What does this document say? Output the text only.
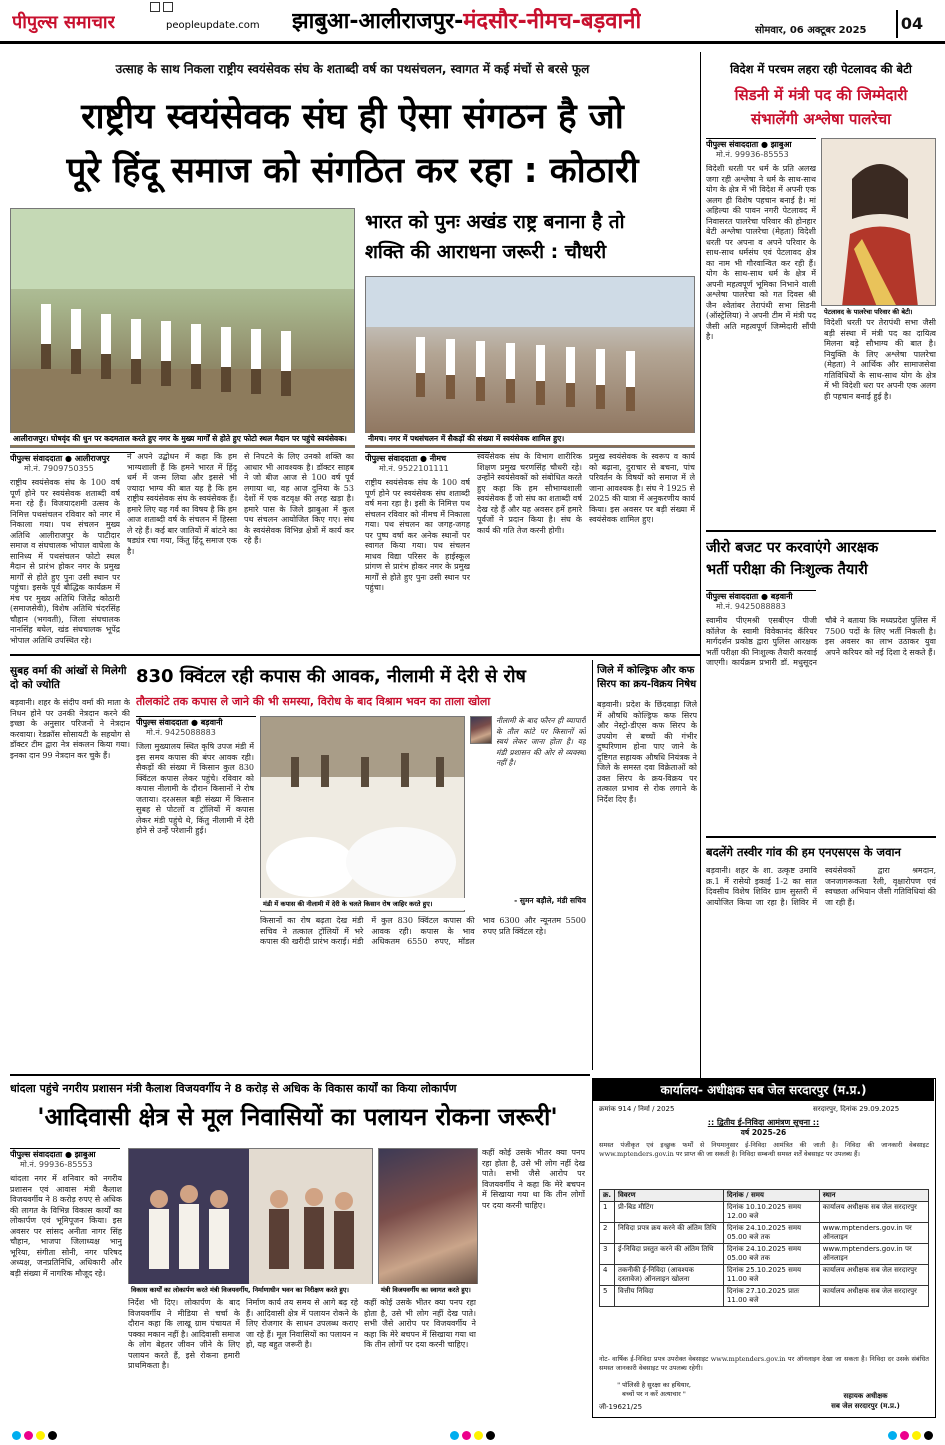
पीपुल्स समाचार	peopleupdate.com झाबुआ-आलीराजपुर-मंदसौर-नीमच-बड़वानी	सोमवार, 06 अक्टूबर 2025	04
उत्साह के साथ निकला राष्ट्रीय स्वयंसेवक संघ के शताब्दी वर्ष का पथसंचलन, स्वागत में कई मंचों से बरसे फूल
राष्ट्रीय स्वयंसेवक संघ ही ऐसा संगठन है जो
पूरे हिंदू समाज को संगठित कर रहा : कोठारी
आलीराजपुर। घोषवृंद की धुन पर कदमताल करते हुए नगर के मुख्य मार्गों से होते हुए फोटो स्थल मैदान पर पहुंचे स्वयंसेवक।
भारत को पुनः अखंड राष्ट्र बनाना है तो
शक्ति की आराधना जरूरी : चौधरी
नीमच। नगर में पथसंचलन में सैकड़ों की संख्या में स्वयंसेवक शामिल हुए।
पीपुल्स संवाददाता ● आलीराजपुर
मो.नं. 7909750355
पीपुल्स संवाददाता ● नीमच
मो.नं. 9522101111
राष्ट्रीय स्वयंसेवक संघ के 100 वर्ष पूर्ण होने पर स्वयंसेवक शताब्दी वर्ष मना रहे हैं। विजयादशमी उत्सव के निमित्त पथसंचलन रविवार को नगर में निकाला गया। पथ संचलन मुख्य अतिथि आलीराजपुर के पाटीदार समाज व संघचालक भोपाल वाघेला के सानिध्य में पथसंचलन फोटो स्थल मैदान से प्रारंभ होकर नगर के प्रमुख मार्गों से होते हुए पुनः उसी स्थान पर पहुंचा। इसके पूर्व बौद्धिक कार्यक्रम में मंच पर मुख्य अतिथि जितेंद्र कोठारी (समाजसेवी), विशेष अतिथि चंदरसिंह चौहान (भगवती), जिला संघचालक नानसिंह बघेल, खंड संघचालक भूपेंद्र भोपाल अतिथि उपस्थित रहे।
ने अपने उद्बोधन में कहा कि हम भाग्यशाली हैं कि हमने भारत में हिंदू धर्म में जन्म लिया और इससे भी ज्यादा भाग्य की बात यह है कि हम राष्ट्रीय स्वयंसेवक संघ के स्वयंसेवक हैं। हमारे लिए यह गर्व का विषय है कि हम आज शताब्दी वर्ष के संचलन में हिस्सा ले रहे हैं। कई बार जातियों में बांटने का षड्यंत्र रचा गया, किंतु हिंदू समाज एक है।
से निपटने के लिए उनको शक्ति का आधार भी आवश्यक है। डॉक्टर साहब ने जो बीज आज से 100 वर्ष पूर्व लगाया था, वह आज दुनिया के 53 देशों में एक वटवृक्ष की तरह खड़ा है। हमारे पास के जिले झाबुआ में कुल पथ संचलन आयोजित किए गए। संघ के स्वयंसेवक विभिन्न क्षेत्रों में कार्य कर रहे हैं।
राष्ट्रीय स्वयंसेवक संघ के 100 वर्ष पूर्ण होने पर स्वयंसेवक संघ शताब्दी वर्ष मना रहा है। इसी के निमित्त पथ संचलन रविवार को नीमच में निकाला गया। पथ संचलन का जगह-जगह पर पुष्प वर्षा कर अनेक स्थानों पर स्वागत किया गया। पथ संचलन माधव विद्या परिसर के हाईस्कूल प्रांगण से प्रारंभ होकर नगर के प्रमुख मार्गों से होते हुए पुनः उसी स्थान पर पहुंचा।
स्वयंसेवक संघ के विभाग शारीरिक शिक्षण प्रमुख चरणसिंह चौधरी रहे। उन्होंने स्वयंसेवकों को संबोधित करते हुए कहा कि हम सौभाग्यशाली स्वयंसेवक हैं जो संघ का शताब्दी वर्ष देख रहे हैं और यह अवसर हमें हमारे पूर्वजों ने प्रदान किया है। संघ के कार्य की गति तेज करनी होगी।
प्रमुख स्वयंसेवक के स्वरूप व कार्य को बढ़ाना, दुराचार से बचना, पांच परिवर्तन के विषयों को समाज में ले जाना आवश्यक है। संघ ने 1925 से 2025 की यात्रा में अनुकरणीय कार्य किया। इस अवसर पर बड़ी संख्या में स्वयंसेवक शामिल हुए।
विदेश में परचम लहरा रही पेटलावद की बेटी
सिडनी में मंत्री पद की जिम्मेदारी
संभालेंगी अश्लेषा पालरेचा
पीपुल्स संवाददाता ● झाबुआ
मो.नं. 99936-85553
पेटलावद के पालरेचा परिवार की बेटी।
विदेशी धरती पर धर्म के प्रति अलख जगा रही अश्लेषा ने धर्म के साथ-साथ योग के क्षेत्र में भी विदेश में अपनी एक अलग ही विशेष पहचान बनाई है। मां अहिल्या की पावन नगरी पेटलावद में निवासरत पालरेचा परिवार की होनहार बेटी अश्लेषा पालरेचा (मेहता) विदेशी धरती पर अपना व अपने परिवार के साथ-साथ धर्मसंघ एवं पेटलावद क्षेत्र का नाम भी गौरवान्वित कर रही हैं। योग के साथ-साथ धर्म के क्षेत्र में अपनी महत्वपूर्ण भूमिका निभाने वाली अश्लेषा पालरेचा को गत दिवस श्री जैन श्वेतांबर तेरापंथी सभा सिडनी (ऑस्ट्रेलिया) ने अपनी टीम में मंत्री पद जैसी अति महत्वपूर्ण जिम्मेदारी सौंपी है।
विदेशी धरती पर तेरापंथी सभा जैसी बड़ी संस्था में मंत्री पद का दायित्व मिलना बड़े सौभाग्य की बात है। नियुक्ति के लिए अश्लेषा पालरेचा (मेहता) ने आर्थिक और सामाजसेवा गतिविधियों के साथ-साथ योग के क्षेत्र में भी विदेशी धरा पर अपनी एक अलग ही पहचान बनाई हुई है।
जीरो बजट पर करवाएंगे आरक्षक
भर्ती परीक्षा की निःशुल्क तैयारी
पीपुल्स संवाददाता ● बड़वानी
मो.नं. 9425088883
स्वामीय पीएमश्री एसबीएन पीजी कॉलेज के स्वामी विवेकानंद कॅरियर मार्गदर्शन प्रकोष्ठ द्वारा पुलिस आरक्षक भर्ती परीक्षा की निःशुल्क तैयारी करवाई जाएगी। कार्यक्रम प्रभारी डॉ. मधुसूदन चौबे ने बताया कि मध्यप्रदेश पुलिस में 7500 पदों के लिए भर्ती निकली है। इस अवसर का लाभ उठाकर युवा अपने करियर को नई दिशा दे सकते हैं।
सुबह वर्मा की आंखों से मिलेगी दो को ज्योति
बड़वानी। शहर के संदीप वर्मा की माता के निधन होने पर उनकी नेत्रदान करने की इच्छा के अनुसार परिजनों ने नेत्रदान करवाया। रेडक्रॉस सोसायटी के सहयोग से डॉक्टर टीम द्वारा नेत्र संकलन किया गया। इनका दान 99 नेत्रदान कर चुके हैं।
830 क्विंटल रही कपास की आवक, नीलामी में देरी से रोष
तौलकांटे तक कपास ले जाने की भी समस्या, विरोध के बाद विश्राम भवन का ताला खोला
पीपुल्स संवाददाता ● बड़वानी
मो.नं. 9425088883
मंडी में कपास की नीलामी में देरी के चलते किसान रोष जाहिर करते हुए।
नीलामी के बाद फौरन ही व्यापारी के तौल कांटे पर किसानों को स्वयं लेकर जाना होता है। यह मंडी प्रशासन की ओर से व्यवस्था नहीं है।
- सुमन बड़ौले, मंडी सचिव
जिला मुख्यालय स्थित कृषि उपज मंडी में इस समय कपास की बंपर आवक रही। सैकड़ों की संख्या में किसान कुल 830 क्विंटल कपास लेकर पहुंचे। रविवार को कपास नीलामी के दौरान किसानों ने रोष जताया। दरअसल बड़ी संख्या में किसान सुबह से पोटलों व ट्रॉलियों में कपास लेकर मंडी पहुंचे थे, किंतु नीलामी में देरी होने से उन्हें परेशानी हुई।
किसानों का रोष बढ़ता देख मंडी सचिव ने तत्काल ट्रॉलियों में भरे कपास की खरीदी प्रारंभ कराई। मंडी में कुल 830 क्विंटल कपास की आवक रही। कपास के भाव अधिकतम 6550 रुपए, मॉडल भाव 6300 और न्यूनतम 5500 रुपए प्रति क्विंटल रहे।
जिले में कोल्ड्रिफ और कफ
सिरप का क्रय-विक्रय निषेध
बड़वानी। प्रदेश के छिंदवाड़ा जिले में औषधि कोल्ड्रिफ कफ सिरप और नेस्ट्रो-डीएस कफ सिरप के उपयोग से बच्चों की गंभीर दुष्परिणाम होना पाए जाने के दृष्टिगत सहायक औषधि नियंत्रक ने जिले के समस्त दवा विक्रेताओं को उक्त सिरप के क्रय-विक्रय पर तत्काल प्रभाव से रोक लगाने के निर्देश दिए हैं।
बदलेंगे तस्वीर गांव की हम एनएसएस के जवान
बड़वानी। शहर के शा. उत्कृष्ट उमावि क्र.1 में रासेयो इकाई 1-2 का सात दिवसीय विशेष शिविर ग्राम सुस्तरी में आयोजित किया जा रहा है। शिविर में स्वयंसेवकों द्वारा श्रमदान, जनजागरूकता रैली, वृक्षारोपण एवं स्वच्छता अभियान जैसी गतिविधियां की जा रही हैं।
धांदला पहुंचे नगरीय प्रशासन मंत्री कैलाश विजयवर्गीय ने 8 करोड़ से अधिक के विकास कार्यों का किया लोकार्पण
'आदिवासी क्षेत्र से मूल निवासियों का पलायन रोकना जरूरी'
पीपुल्स संवाददाता ● झाबुआ
मो.नं. 99936-85553
विकास कार्यों का लोकार्पण करते मंत्री विजयवर्गीय, निर्माणाधीन भवन का निरीक्षण करते हुए।	मंत्री विजयवर्गीय का स्वागत करते हुए।
थांदला नगर में शनिवार को नगरीय प्रशासन एवं आवास मंत्री कैलाश विजयवर्गीय ने 8 करोड़ रुपए से अधिक की लागत के विभिन्न विकास कार्यों का लोकार्पण एवं भूमिपूजन किया। इस अवसर पर सांसद अनीता नागर सिंह चौहान, भाजपा जिलाध्यक्ष भानु भूरिया, संगीता सोनी, नगर परिषद अध्यक्ष, जनप्रतिनिधि, अधिकारी और बड़ी संख्या में नागरिक मौजूद रहे।
निर्देश भी दिए। लोकार्पण के बाद विजयवर्गीय ने मीडिया से चर्चा के दौरान कहा कि लाखू ग्राम पंचायत में पक्का मकान नहीं है। आदिवासी समाज के लोग बेहतर जीवन जीने के लिए पलायन करते हैं, इसे रोकना हमारी प्राथमिकता है।
निर्माण कार्य तय समय से आगे बढ़ रहे हैं। आदिवासी क्षेत्र में पलायन रोकने के लिए रोजगार के साधन उपलब्ध कराए जा रहे हैं। मूल निवासियों का पलायन न हो, यह बहुत जरूरी है।
कहीं कोई उसके भीतर क्या पनप रहा होता है, उसे भी लोग नहीं देख पाते। सभी जैसे आरोप पर विजयवर्गीय ने कहा कि मेरे बचपन में सिखाया गया था कि तीन लोगों पर दया करनी चाहिए।
कहीं कोई उसके भीतर क्या पनप रहा होता है, उसे भी लोग नहीं देख पाते। सभी जैसे आरोप पर विजयवर्गीय ने कहा कि मेरे बचपन में सिखाया गया था कि तीन लोगों पर दया करनी चाहिए।
कार्यालय- अधीक्षक सब जेल सरदारपुर (म.प्र.)
क्रमांक 914 / निर्मा / 2025	सरदारपुर, दिनांक 29.09.2025
:: द्वितीय ई-निविदा आमंत्रण सूचना ::
वर्ष 2025-26
समस्त पंजीकृत एवं इच्छुक फर्मों से नियमानुसार ई-निविदा आमंत्रित की जाती है। निविदा की जानकारी वेबसाइट www.mptenders.gov.in पर प्राप्त की जा सकती है। निविदा सम्बन्धी समस्त शर्तें वेबसाइट पर उपलब्ध हैं।
क्र.	विवरण	दिनांक / समय	स्थान
1	प्री-बिड मीटिंग	दिनांक 10.10.2025 समय 12.00 बजे	कार्यालय अधीक्षक सब जेल सरदारपुर
2	निविदा प्रपत्र क्रय करने की अंतिम तिथि	दिनांक 24.10.2025 समय 05.00 बजे तक	www.mptenders.gov.in पर ऑनलाइन
3	ई-निविदा प्रस्तुत करने की अंतिम तिथि	दिनांक 24.10.2025 समय 05.00 बजे तक	www.mptenders.gov.in पर ऑनलाइन
4	तकनीकी ई-निविदा (आवश्यक दस्तावेज) ऑनलाइन खोलना	दिनांक 25.10.2025 समय 11.00 बजे	कार्यालय अधीक्षक सब जेल सरदारपुर
5	वित्तीय निविदा	दिनांक 27.10.2025 प्रातः 11.00 बजे	कार्यालय अधीक्षक सब जेल सरदारपुर
नोट- वार्षिक ई-निविदा प्रपत्र उपरोक्त वेबसाइट www.mptenders.gov.in पर ऑनलाइन देखा जा सकता है। निविदा दर उसके संबंधित समस्त जानकारी वेबसाइट पर उपलब्ध रहेगी।
" पॉलिसी है सुरक्षा का हथियार,
बच्चों पर न करें अत्याचार "
जी-19621/25
सहायक अधीक्षक
सब जेल सरदारपुर (म.प्र.)
